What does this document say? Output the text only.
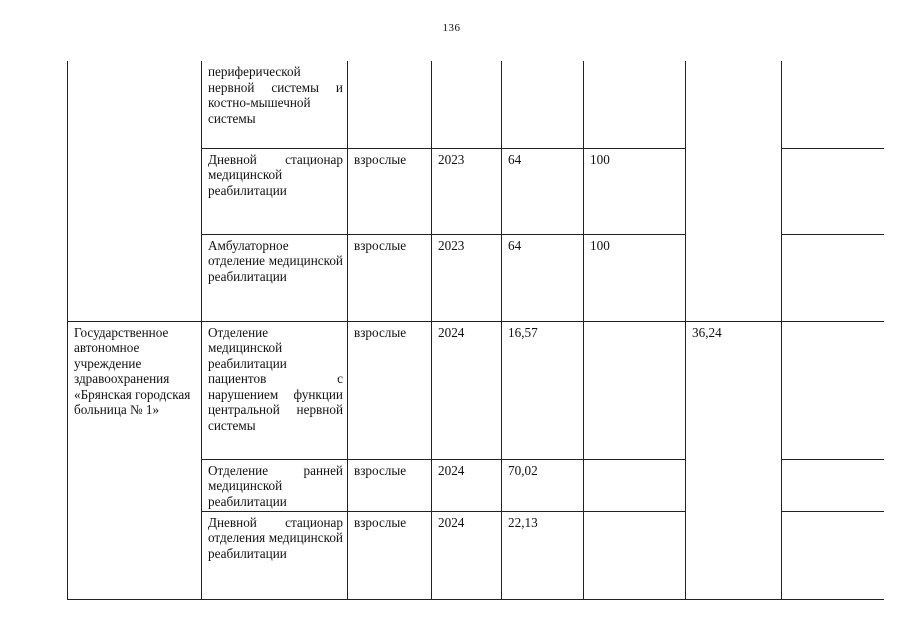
136
	периферической нервной системы и костно-мышечной системы						
	Дневной стационар медицинской реабилитации	взрослые	2023	64	100		
	Амбулаторное отделение медицинской реабилитации	взрослые	2023	64	100		
Государственное автономное учреждение здравоохранения «Брянская городская больница № 1»	Отделение медицинской реабилитации пациентов с нарушением функции центральной нервной системы	взрослые	2024	16,57		36,24	
	Отделение ранней медицинской реабилитации	взрослые	2024	70,02			
	Дневной стационар отделения медицинской реабилитации	взрослые	2024	22,13			
